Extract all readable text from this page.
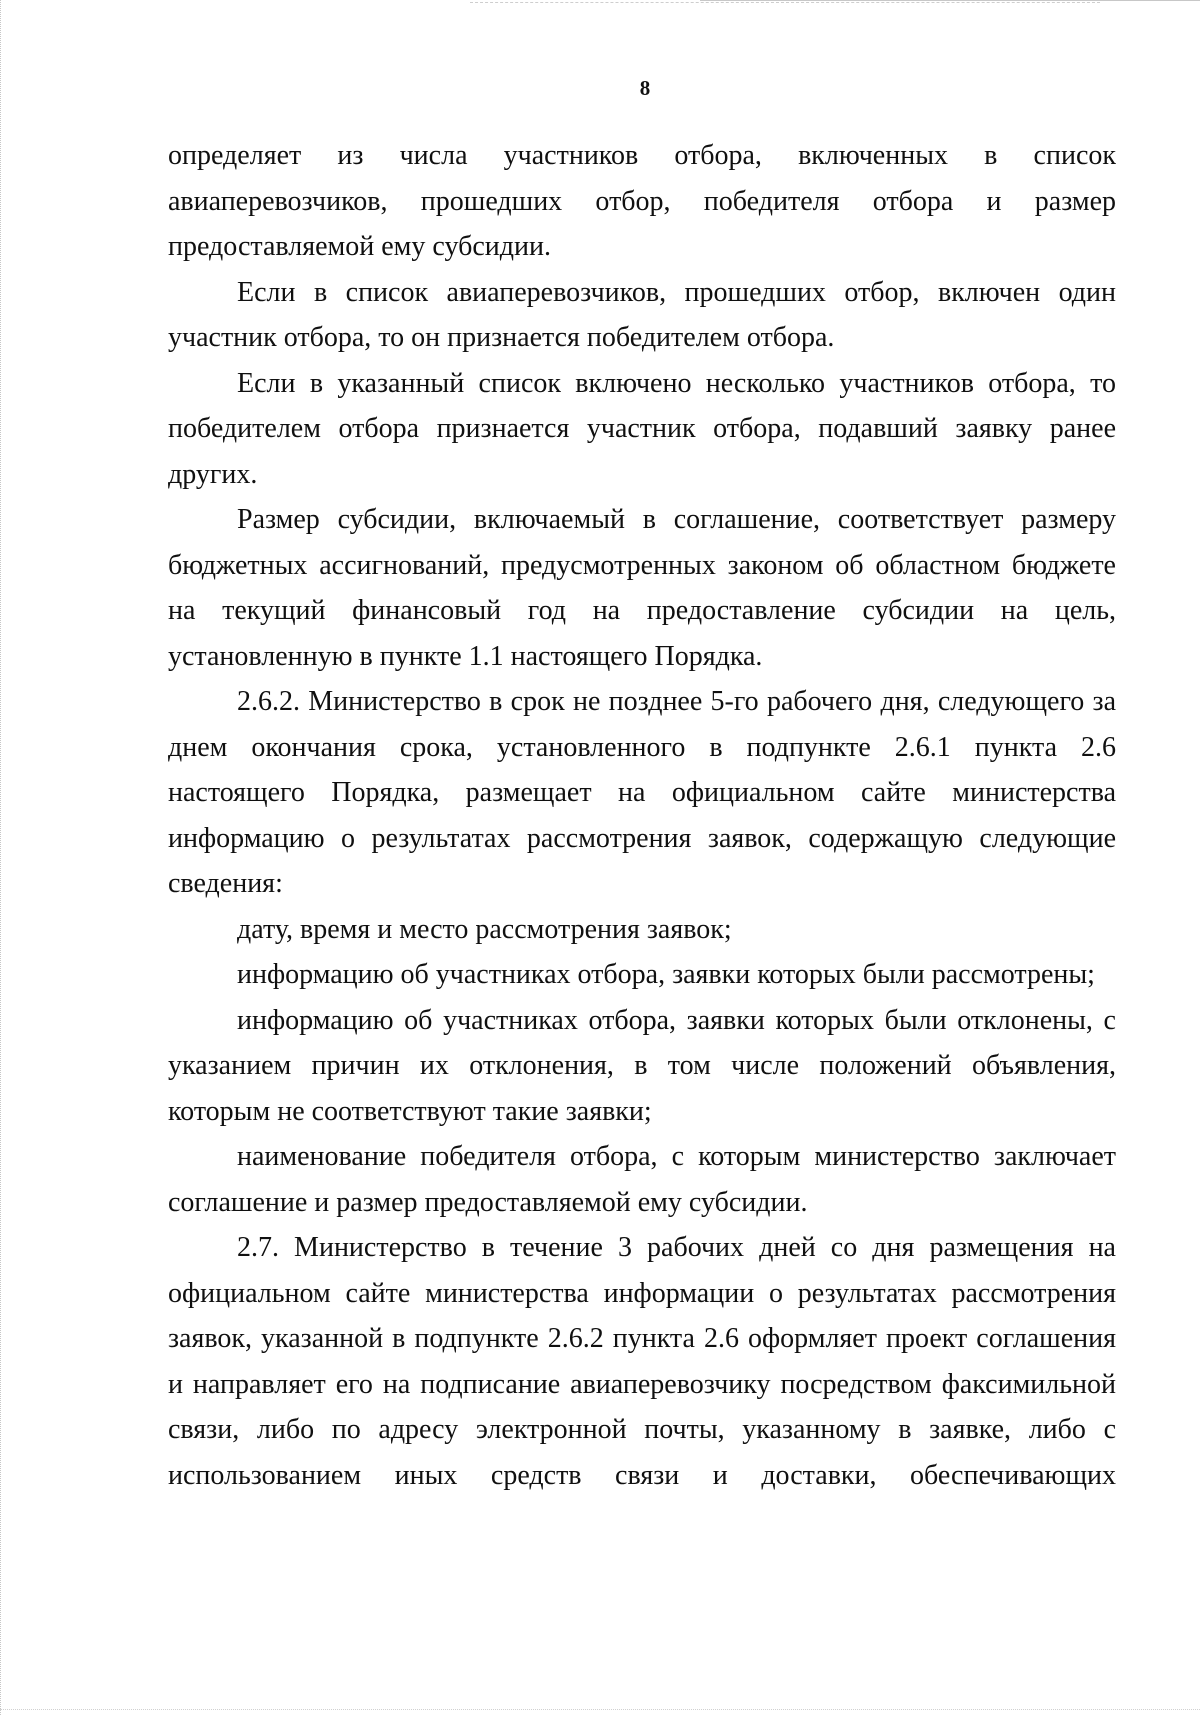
8

определяет из числа участников отбора, включенных в список авиаперевозчиков, прошедших отбор, победителя отбора и размер предоставляемой ему субсидии.

Если в список авиаперевозчиков, прошедших отбор, включен один участник отбора, то он признается победителем отбора.

Если в указанный список включено несколько участников отбора, то победителем отбора признается участник отбора, подавший заявку ранее других.

Размер субсидии, включаемый в соглашение, соответствует размеру бюджетных ассигнований, предусмотренных законом об областном бюджете на текущий финансовый год на предоставление субсидии на цель, установленную в пункте 1.1 настоящего Порядка.

2.6.2. Министерство в срок не позднее 5-го рабочего дня, следующего за днем окончания срока, установленного в подпункте 2.6.1 пункта 2.6 настоящего Порядка, размещает на официальном сайте министерства информацию о результатах рассмотрения заявок, содержащую следующие сведения:

дату, время и место рассмотрения заявок;

информацию об участниках отбора, заявки которых были рассмотрены;

информацию об участниках отбора, заявки которых были отклонены, с указанием причин их отклонения, в том числе положений объявления, которым не соответствуют такие заявки;

наименование победителя отбора, с которым министерство заключает соглашение и размер предоставляемой ему субсидии.

2.7. Министерство в течение 3 рабочих дней со дня размещения на официальном сайте министерства информации о результатах рассмотрения заявок, указанной в подпункте 2.6.2 пункта 2.6 оформляет проект соглашения и направляет его на подписание авиаперевозчику посредством факсимильной связи, либо по адресу электронной почты, указанному в заявке, либо с использованием иных средств связи и доставки, обеспечивающих
